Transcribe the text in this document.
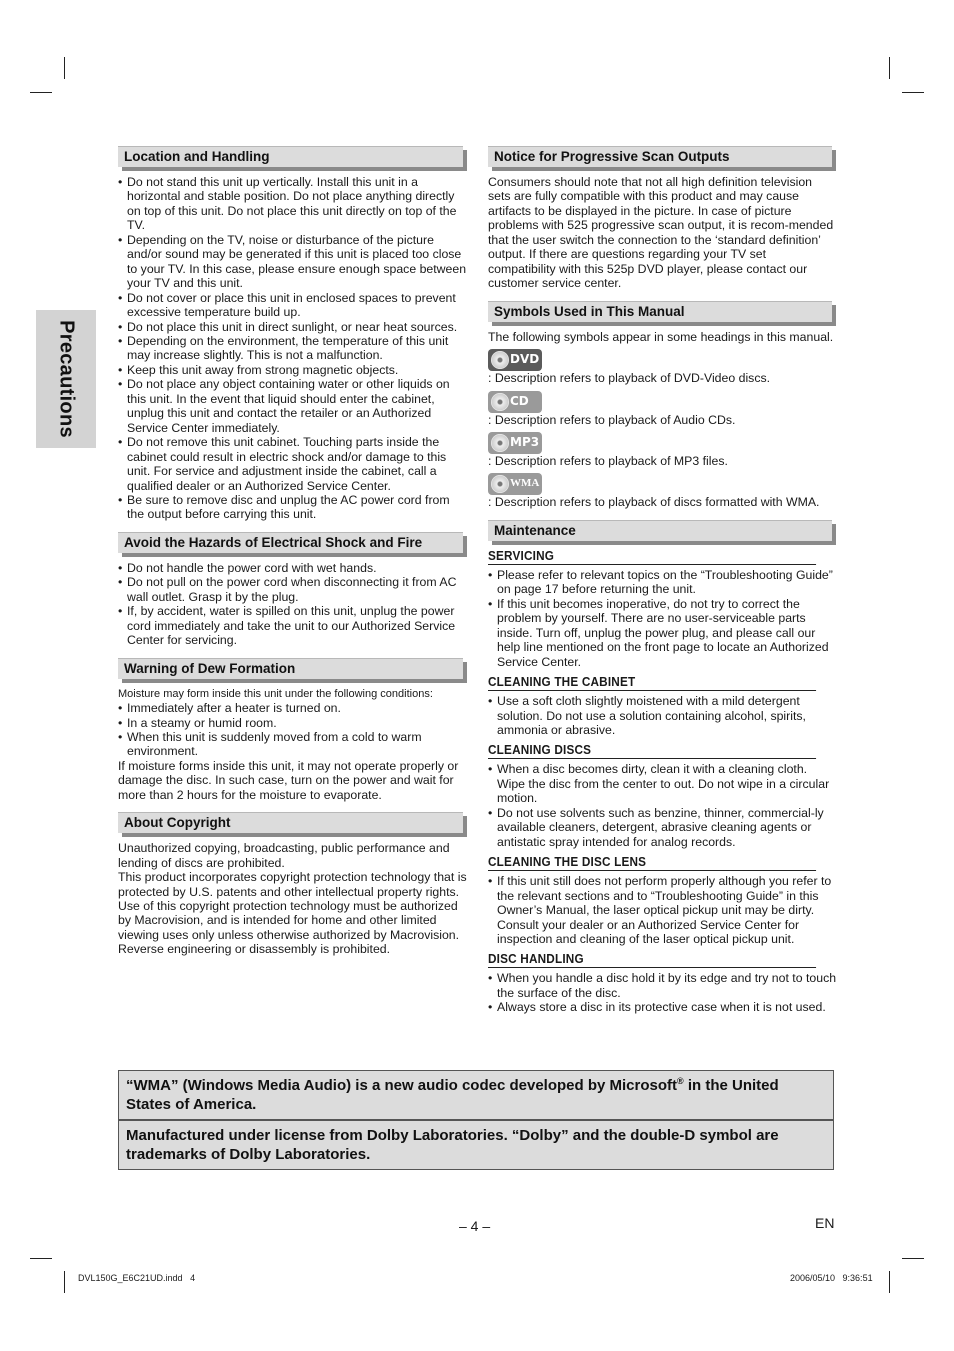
Precautions
Location and Handling
• Do not stand this unit up vertically. Install this unit in a horizontal and stable position. Do not place anything directly on top of this unit. Do not place this unit directly on top of the TV.
• Depending on the TV, noise or disturbance of the picture and/or sound may be generated if this unit is placed too close to your TV. In this case, please ensure enough space between your TV and this unit.
• Do not cover or place this unit in enclosed spaces to prevent excessive temperature build up.
• Do not place this unit in direct sunlight, or near heat sources.
• Depending on the environment, the temperature of this unit may increase slightly. This is not a malfunction.
• Keep this unit away from strong magnetic objects.
• Do not place any object containing water or other liquids on this unit. In the event that liquid should enter the cabinet, unplug this unit and contact the retailer or an Authorized Service Center immediately.
• Do not remove this unit cabinet. Touching parts inside the cabinet could result in electric shock and/or damage to this unit. For service and adjustment inside the cabinet, call a qualified dealer or an Authorized Service Center.
• Be sure to remove disc and unplug the AC power cord from the output before carrying this unit.
Avoid the Hazards of Electrical Shock and Fire
• Do not handle the power cord with wet hands.
• Do not pull on the power cord when disconnecting it from AC wall outlet. Grasp it by the plug.
• If, by accident, water is spilled on this unit, unplug the power cord immediately and take the unit to our Authorized Service Center for servicing.
Warning of Dew Formation

Moisture may form inside this unit under the following conditions:

• Immediately after a heater is turned on.
• In a steamy or humid room.
• When this unit is suddenly moved from a cold to warm environment.

If moisture forms inside this unit, it may not operate properly or damage the disc. In such case, turn on the power and wait for more than 2 hours for the moisture to evaporate.

About Copyright

Unauthorized copying, broadcasting, public performance and lending of discs are prohibited.

This product incorporates copyright protection technology that is protected by U.S. patents and other intellectual property rights. Use of this copyright protection technology must be authorized by Macrovision, and is intended for home and other limited viewing uses only unless otherwise authorized by Macrovision. Reverse engineering or disassembly is prohibited.

Notice for Progressive Scan Outputs

Consumers should note that not all high definition television sets are fully compatible with this product and may cause artifacts to be displayed in the picture. In case of picture problems with 525 progressive scan output, it is recom-mended that the user switch the connection to the ‘standard definition’ output. If there are questions regarding your TV set compatibility with this 525p DVD player, please contact our customer service center.

Symbols Used in This Manual

The following symbols appear in some headings in this manual.

DVD

: Description refers to playback of DVD-Video discs.

CD

: Description refers to playback of Audio CDs.

MP3

: Description refers to playback of MP3 files.

WMA

: Description refers to playback of discs formatted with WMA.

Maintenance
SERVICING
• Please refer to relevant topics on the “Troubleshooting Guide” on page 17 before returning the unit.
• If this unit becomes inoperative, do not try to correct the problem by yourself. There are no user-serviceable parts inside. Turn off, unplug the power plug, and please call our help line mentioned on the front page to locate an Authorized Service Center.
CLEANING THE CABINET
• Use a soft cloth slightly moistened with a mild detergent solution. Do not use a solution containing alcohol, spirits, ammonia or abrasive.
CLEANING DISCS
• When a disc becomes dirty, clean it with a cleaning cloth. Wipe the disc from the center to out. Do not wipe in a circular motion.
• Do not use solvents such as benzine, thinner, commercial-ly available cleaners, detergent, abrasive cleaning agents or antistatic spray intended for analog records.
CLEANING THE DISC LENS
• If this unit still does not perform properly although you refer to the relevant sections and to “Troubleshooting Guide” in this Owner’s Manual, the laser optical pickup unit may be dirty. Consult your dealer or an Authorized Service Center for inspection and cleaning of the laser optical pickup unit.
DISC HANDLING
• When you handle a disc hold it by its edge and try not to touch the surface of the disc.
• Always store a disc in its protective case when it is not used.
“WMA” (Windows Media Audio) is a new audio codec developed by Microsoft® in the United States of America.
Manufactured under license from Dolby Laboratories. “Dolby” and the double-D symbol are trademarks of Dolby Laboratories.
– 4 –	EN
DVL150G_E6C21UD.indd   4	2006/05/10   9:36:51
